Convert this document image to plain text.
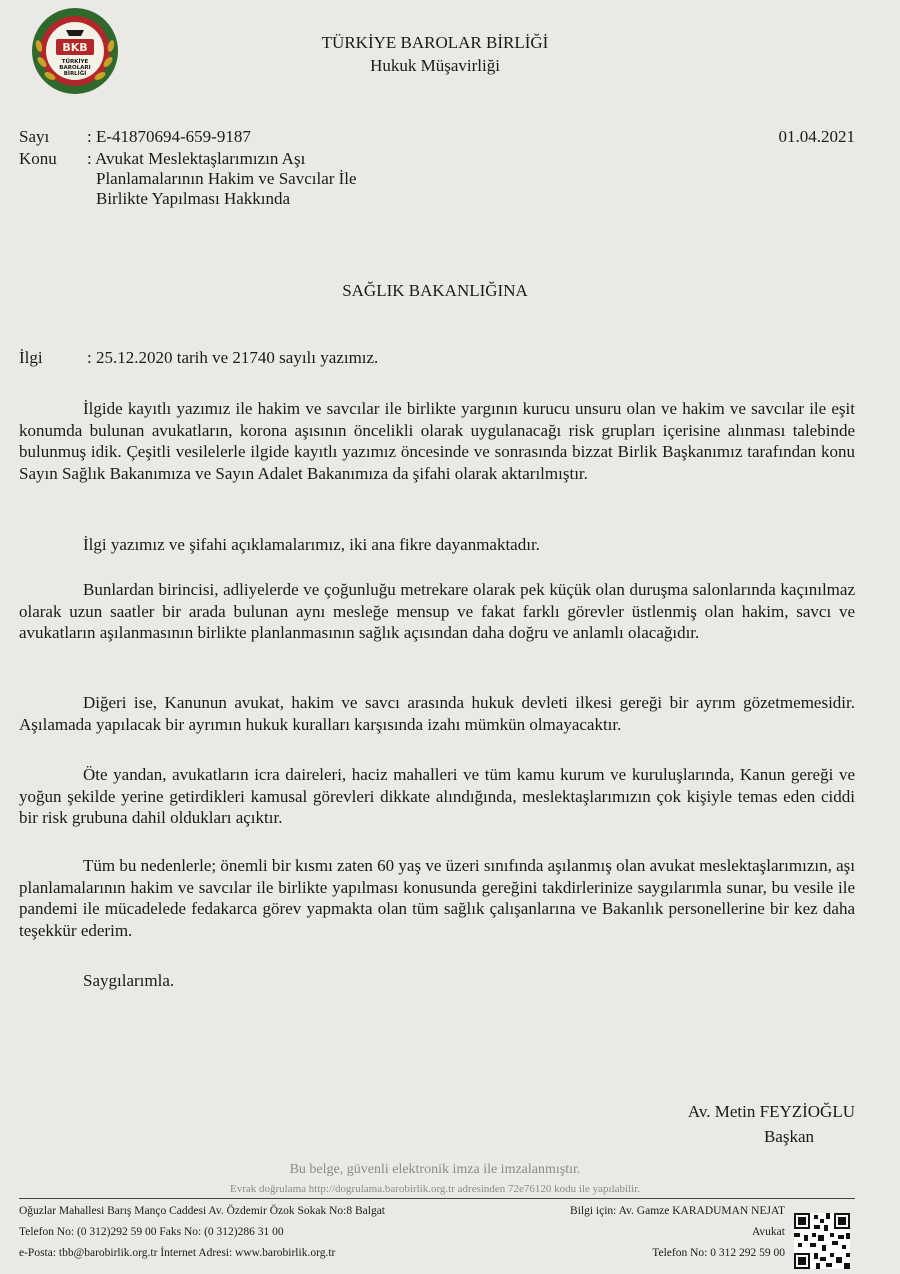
BKB
TÜRKİYE
BAROLARI
BİRLİĞİ
TÜRKİYE BAROLAR BİRLİĞİ
Hukuk Müşavirliği
Sayı : E-41870694-659-9187	01.04.2021
Konu : Avukat Meslektaşlarımızın Aşı
Planlamalarının Hakim ve Savcılar İle
Birlikte Yapılması Hakkında
SAĞLIK BAKANLIĞINA
İlgi	: 25.12.2020 tarih ve 21740 sayılı yazımız.

İlgide kayıtlı yazımız ile hakim ve savcılar ile birlikte yargının kurucu unsuru olan ve hakim ve savcılar ile eşit konumda bulunan avukatların, korona aşısının öncelikli olarak uygulanacağı risk grupları içerisine alınması talebinde bulunmuş idik. Çeşitli vesilelerle ilgide kayıtlı yazımız öncesinde ve sonrasında bizzat Birlik Başkanımız tarafından konu Sayın Sağlık Bakanımıza ve Sayın Adalet Bakanımıza da şifahi olarak aktarılmıştır.

İlgi yazımız ve şifahi açıklamalarımız, iki ana fikre dayanmaktadır.

Bunlardan birincisi, adliyelerde ve çoğunluğu metrekare olarak pek küçük olan duruşma salonlarında kaçınılmaz olarak uzun saatler bir arada bulunan aynı mesleğe mensup ve fakat farklı görevler üstlenmiş olan hakim, savcı ve avukatların aşılanmasının birlikte planlanmasının sağlık açısından daha doğru ve anlamlı olacağıdır.

Diğeri ise, Kanunun avukat, hakim ve savcı arasında hukuk devleti ilkesi gereği bir ayrım gözetmemesidir. Aşılamada yapılacak bir ayrımın hukuk kuralları karşısında izahı mümkün olmayacaktır.

Öte yandan, avukatların icra daireleri, haciz mahalleri ve tüm kamu kurum ve kuruluşlarında, Kanun gereği ve yoğun şekilde yerine getirdikleri kamusal görevleri dikkate alındığında, meslektaşlarımızın çok kişiyle temas eden ciddi bir risk grubuna dahil oldukları açıktır.

Tüm bu nedenlerle; önemli bir kısmı zaten 60 yaş ve üzeri sınıfında aşılanmış olan avukat meslektaşlarımızın, aşı planlamalarının hakim ve savcılar ile birlikte yapılması konusunda gereğini takdirlerinize saygılarımla sunar, bu vesile ile pandemi ile mücadelede fedakarca görev yapmakta olan tüm sağlık çalışanlarına ve Bakanlık personellerine bir kez daha teşekkür ederim.

Saygılarımla.

Av. Metin FEYZİOĞLU
Başkan
Bu belge, güvenli elektronik imza ile imzalanmıştır.
Evrak doğrulama http://dogrulama.barobirlik.org.tr adresinden 72e76120 kodu ile yapılabilir.
Oğuzlar Mahallesi Barış Manço Caddesi Av. Özdemir Özok Sokak No:8 Balgat
Telefon No: (0 312)292 59 00 Faks No: (0 312)286 31 00
e-Posta: tbb@barobirlik.org.tr İnternet Adresi: www.barobirlik.org.tr
Bilgi için: Av. Gamze KARADUMAN NEJAT
Avukat
Telefon No: 0 312 292 59 00
